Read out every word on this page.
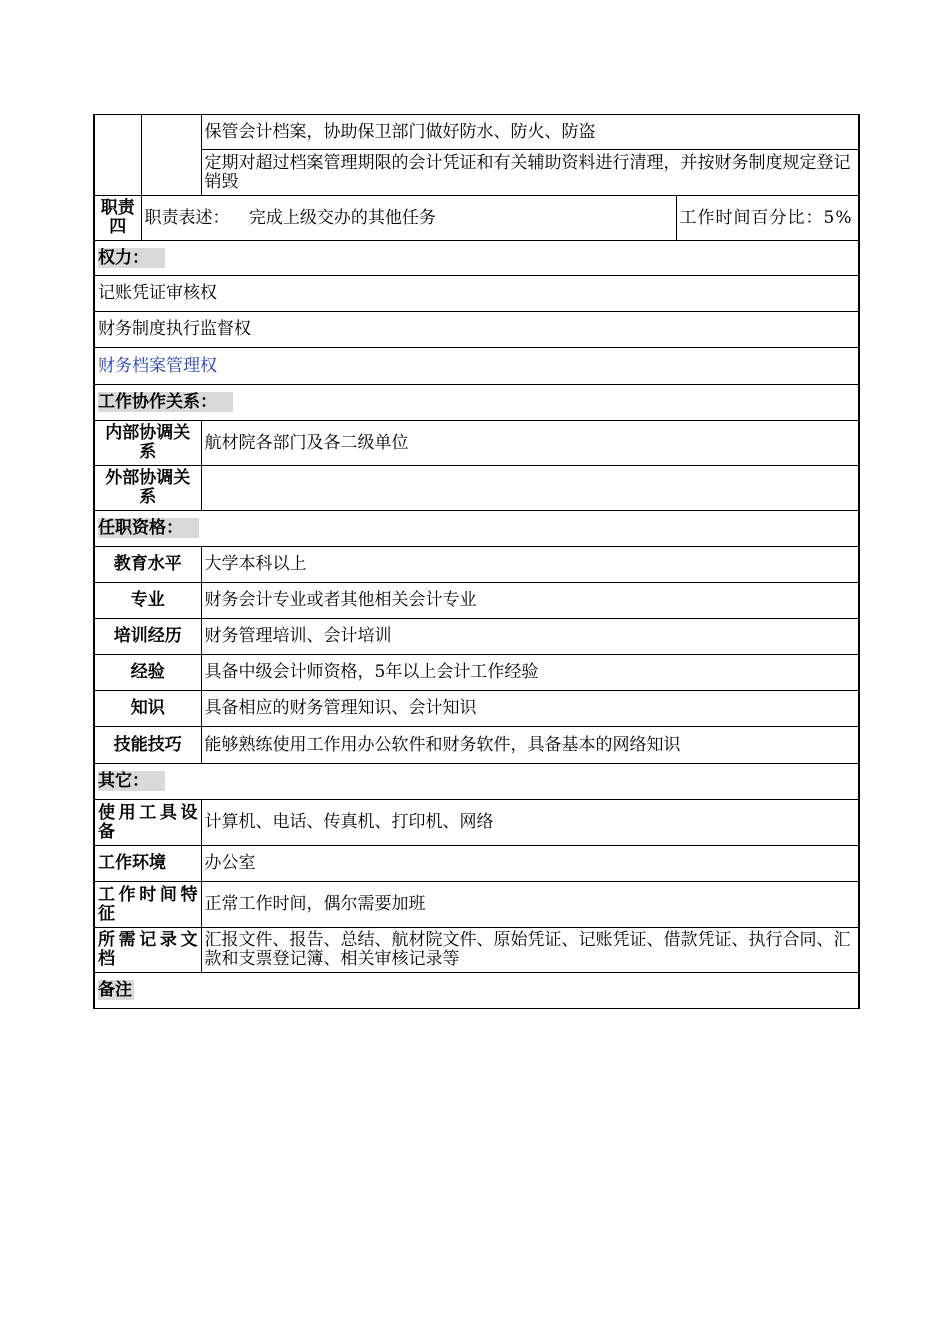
		保管会计档案，协助保卫部门做好防水、防火、防盗	
		定期对超过档案管理期限的会计凭证和有关辅助资料进行清理，并按财务制度规定登记销毁	
职责四	职责表述： 完成上级交办的其他任务		工作时间百分比：5%
权力：			
记账凭证审核权			
财务制度执行监督权			
财务档案管理权			
工作协作关系：			
内部协调关系		航材院各部门及各二级单位	
外部协调关系			
任职资格：			
教育水平		大学本科以上	
专业		财务会计专业或者其他相关会计专业	
培训经历		财务管理培训、会计培训	
经验		具备中级会计师资格，5年以上会计工作经验	
知识		具备相应的财务管理知识、会计知识	
技能技巧		能够熟练使用工作用办公软件和财务软件，具备基本的网络知识	
其它：			
使用工具设备		计算机、电话、传真机、打印机、网络	
工作环境		办公室	
工作时间特征		正常工作时间，偶尔需要加班	
所需记录文档		汇报文件、报告、总结、航材院文件、原始凭证、记账凭证、借款凭证、执行合同、汇款和支票登记簿、相关审核记录等	
备注			
